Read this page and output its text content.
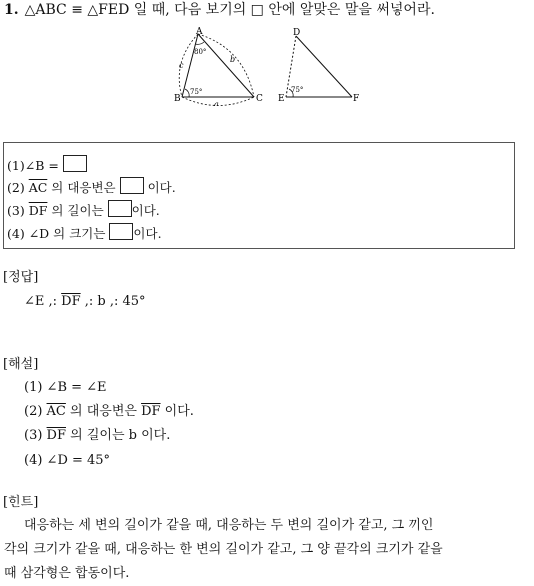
1. △ABC ≡ △FED 일 때, 다음 보기의 □ 안에 알맞은 말을 써넣어라.
A
B	C
75°
80°
c
b
a
D
E	F
75°
(1)∠B =
(2) $\overline{AC}$ 의 대응변은  이다.
(3) $\overline{DF}$ 의 길이는 이다.
(4) ∠D 의 크기는 이다.
[정답]
∠E ,: $\overline{DF}$ ,: b ,: 45°
[해설]
(1) ∠B = ∠E
(2) $\overline{AC}$ 의 대응변은 $\overline{DF}$ 이다.
(3) $\overline{DF}$ 의 길이는 b 이다.
(4) ∠D = 45°
[힌트]

대응하는 세 변의 길이가 같을 때, 대응하는 두 변의 길이가 같고, 그 끼인

각의 크기가 같을 때, 대응하는 한 변의 길이가 같고, 그 양 끝각의 크기가 같을

때 삼각형은 합동이다.
